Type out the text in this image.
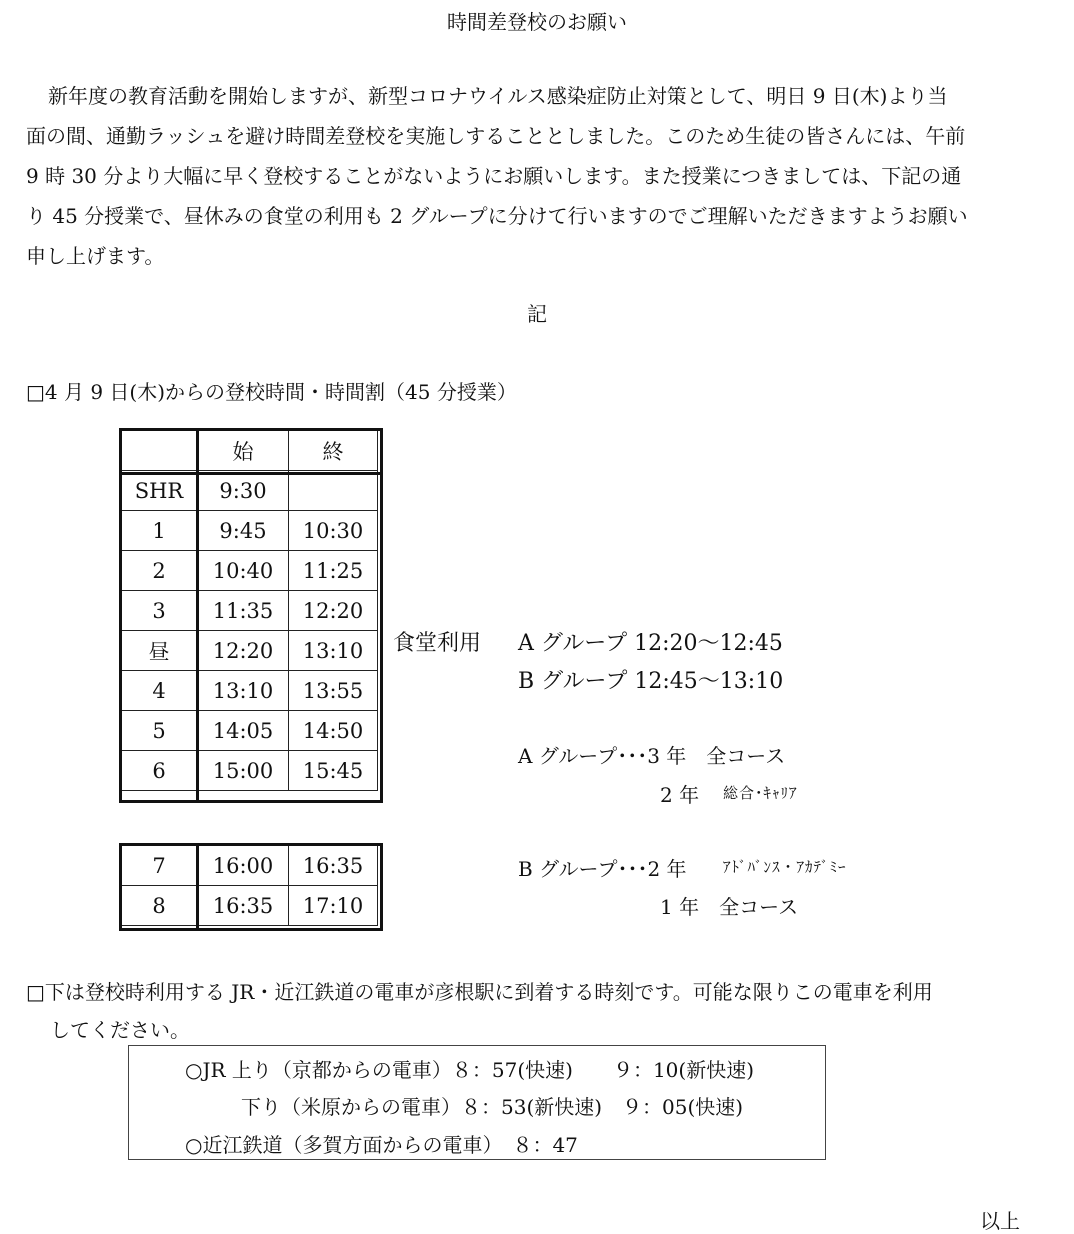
時間差登校のお願い
新年度の教育活動を開始しますが、新型コロナウイルス感染症防止対策として、明日 9 日(木)より当
面の間、通勤ラッシュを避け時間差登校を実施しすることとしました。このため生徒の皆さんには、午前
9 時 30 分より大幅に早く登校することがないようにお願いします。また授業につきましては、下記の通
り 45 分授業で、昼休みの食堂の利用も 2 グループに分けて行いますのでご理解いただきますようお願い
申し上げます。
記
□4 月 9 日(木)からの登校時間・時間割（45 分授業）
	始	終
SHR	9:30	
1	9:45	10:30
2	10:40	11:25
3	11:35	12:20
昼	12:20	13:10
4	13:10	13:55
5	14:05	14:50
6	15:00	15:45
7	16:00	16:35
8	16:35	17:10
食堂利用 A グループ 12:20～12:45
B グループ 12:45～13:10
A グループ･･･3 年　全コース
2 年 総合･ｷｬﾘｱ
B グループ･･･2 年 ｱﾄﾞﾊﾞﾝｽ・ｱｶﾃﾞﾐｰ
1 年　全コース
□下は登校時利用する JR・近江鉄道の電車が彦根駅に到着する時刻です。可能な限りこの電車を利用
してください。
○JR 上り（京都からの電車）８：57(快速)　　９：10(新快速)
下り（米原からの電車）８：53(新快速)　９：05(快速)
○近江鉄道（多賀方面からの電車）　８：47
以上
